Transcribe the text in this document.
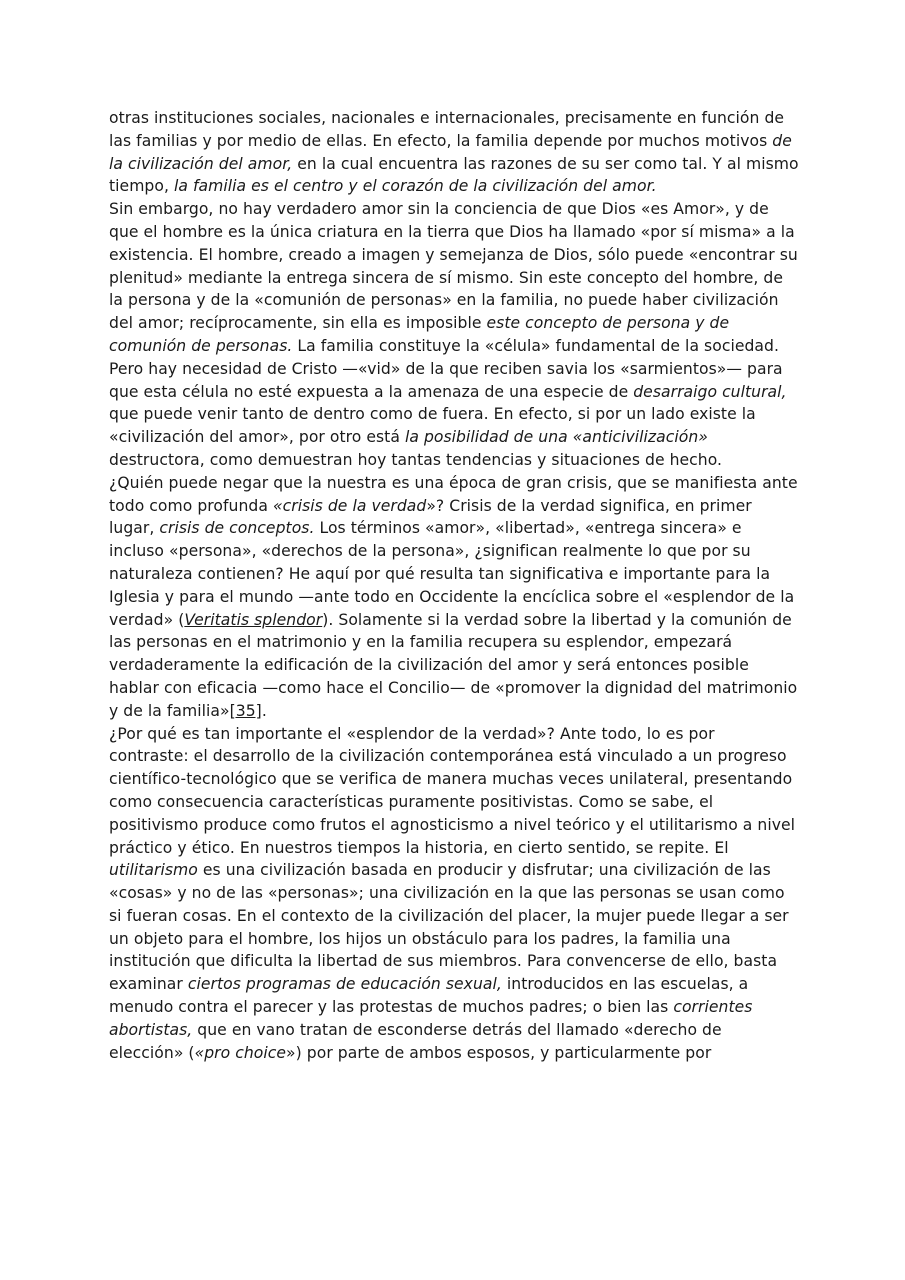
otras instituciones sociales, nacionales e internacionales, precisamente en función de las familias y por medio de ellas. En efecto, la familia depende por muchos motivos de la civilización del amor, en la cual encuentra las razones de su ser como tal. Y al mismo tiempo, la familia es el centro y el corazón de la civilización del amor.

Sin embargo, no hay verdadero amor sin la conciencia de que Dios «es Amor», y de que el hombre es la única criatura en la tierra que Dios ha llamado «por sí misma» a la existencia. El hombre, creado a imagen y semejanza de Dios, sólo puede «encontrar su plenitud» mediante la entrega sincera de sí mismo. Sin este concepto del hombre, de la persona y de la «comunión de personas» en la familia, no puede haber civilización del amor; recíprocamente, sin ella es imposible este concepto de persona y de comunión de personas. La familia constituye la «célula» fundamental de la sociedad. Pero hay necesidad de Cristo —«vid» de la que reciben savia los «sarmientos»— para que esta célula no esté expuesta a la amenaza de una especie de desarraigo cultural, que puede venir tanto de dentro como de fuera. En efecto, si por un lado existe la «civilización del amor», por otro está la posibilidad de una «anticivilización» destructora, como demuestran hoy tantas tendencias y situaciones de hecho.

¿Quién puede negar que la nuestra es una época de gran crisis, que se manifiesta ante todo como profunda «crisis de la verdad»? Crisis de la verdad significa, en primer lugar, crisis de conceptos. Los términos «amor», «libertad», «entrega sincera» e incluso «persona», «derechos de la persona», ¿significan realmente lo que por su naturaleza contienen? He aquí por qué resulta tan significativa e importante para la Iglesia y para el mundo —ante todo en Occidente la encíclica sobre el «esplendor de la verdad» (Veritatis splendor). Solamente si la verdad sobre la libertad y la comunión de las personas en el matrimonio y en la familia recupera su esplendor, empezará verdaderamente la edificación de la civilización del amor y será entonces posible hablar con eficacia —como hace el Concilio— de «promover la dignidad del matrimonio y de la familia»[35].

¿Por qué es tan importante el «esplendor de la verdad»? Ante todo, lo es por contraste: el desarrollo de la civilización contemporánea está vinculado a un progreso científico-tecnológico que se verifica de manera muchas veces unilateral, presentando como consecuencia características puramente positivistas. Como se sabe, el positivismo produce como frutos el agnosticismo a nivel teórico y el utilitarismo a nivel práctico y ético. En nuestros tiempos la historia, en cierto sentido, se repite. El utilitarismo es una civilización basada en producir y disfrutar; una civilización de las «cosas» y no de las «personas»; una civilización en la que las personas se usan como si fueran cosas. En el contexto de la civilización del placer, la mujer puede llegar a ser un objeto para el hombre, los hijos un obstáculo para los padres, la familia una institución que dificulta la libertad de sus miembros. Para convencerse de ello, basta examinar ciertos programas de educación sexual, introducidos en las escuelas, a menudo contra el parecer y las protestas de muchos padres; o bien las corrientes abortistas, que en vano tratan de esconderse detrás del llamado «derecho de elección» («pro choice») por parte de ambos esposos, y particularmente por
